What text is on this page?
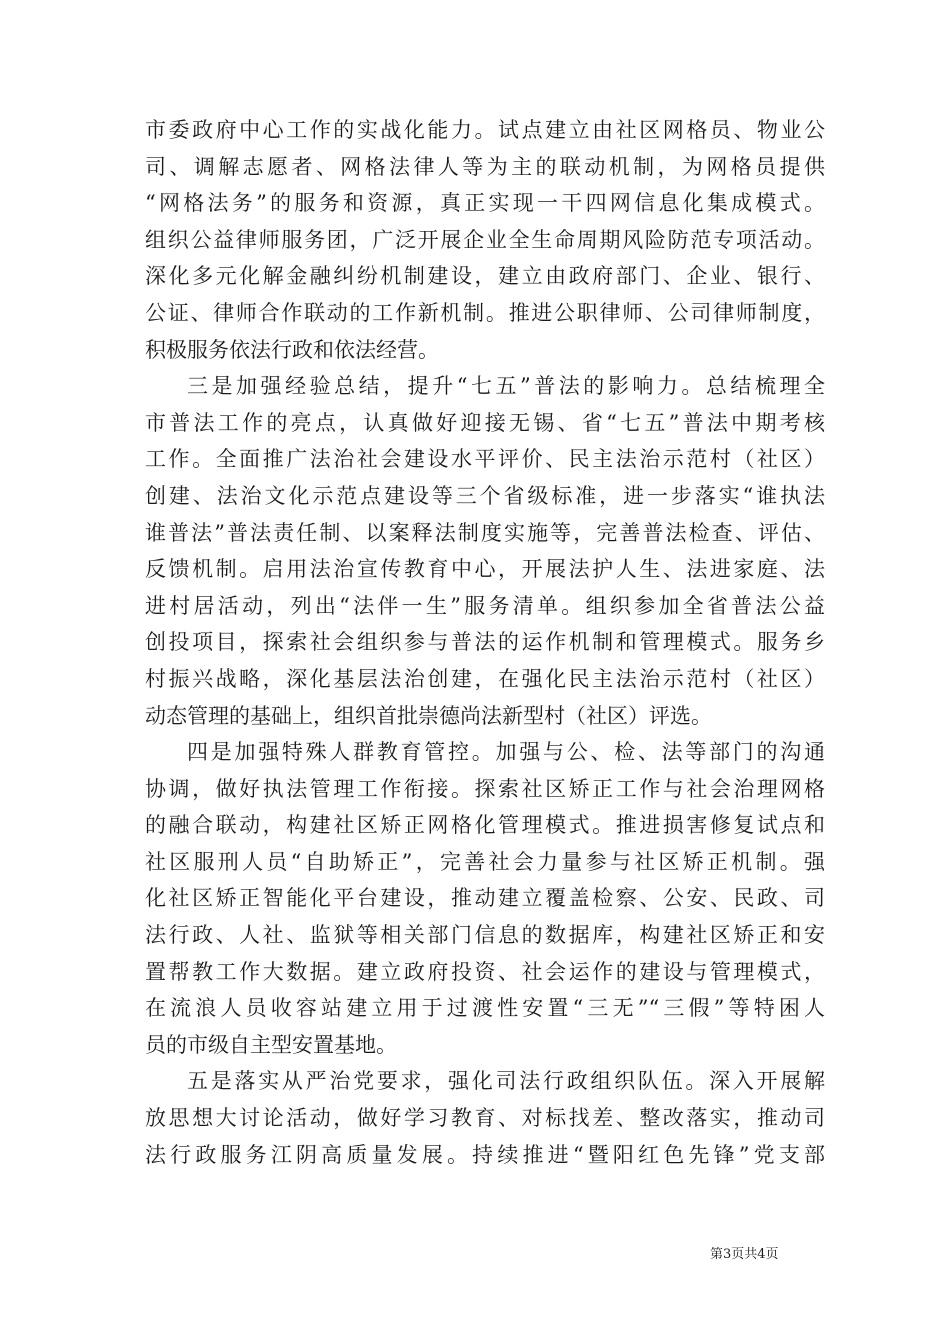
市委政府中心工作的实战化能力。试点建立由社区网格员、物业公
司、调解志愿者、网格法律人等为主的联动机制，为网格员提供
“网格法务”的服务和资源，真正实现一干四网信息化集成模式。
组织公益律师服务团，广泛开展企业全生命周期风险防范专项活动。
深化多元化解金融纠纷机制建设，建立由政府部门、企业、银行、
公证、律师合作联动的工作新机制。推进公职律师、公司律师制度，
积极服务依法行政和依法经营。
三是加强经验总结，提升“七五”普法的影响力。总结梳理全
市普法工作的亮点，认真做好迎接无锡、省“七五”普法中期考核
工作。全面推广法治社会建设水平评价、民主法治示范村（社区）
创建、法治文化示范点建设等三个省级标准，进一步落实“谁执法
谁普法”普法责任制、以案释法制度实施等，完善普法检查、评估、
反馈机制。启用法治宣传教育中心，开展法护人生、法进家庭、法
进村居活动，列出“法伴一生”服务清单。组织参加全省普法公益
创投项目，探索社会组织参与普法的运作机制和管理模式。服务乡
村振兴战略，深化基层法治创建，在强化民主法治示范村（社区）
动态管理的基础上，组织首批崇德尚法新型村（社区）评选。
四是加强特殊人群教育管控。加强与公、检、法等部门的沟通
协调，做好执法管理工作衔接。探索社区矫正工作与社会治理网格
的融合联动，构建社区矫正网格化管理模式。推进损害修复试点和
社区服刑人员“自助矫正”，完善社会力量参与社区矫正机制。强
化社区矫正智能化平台建设，推动建立覆盖检察、公安、民政、司
法行政、人社、监狱等相关部门信息的数据库，构建社区矫正和安
置帮教工作大数据。建立政府投资、社会运作的建设与管理模式，
在流浪人员收容站建立用于过渡性安置“三无”“三假”等特困人
员的市级自主型安置基地。
五是落实从严治党要求，强化司法行政组织队伍。深入开展解
放思想大讨论活动，做好学习教育、对标找差、整改落实，推动司
法行政服务江阴高质量发展。持续推进“暨阳红色先锋”党支部
第3页共4页
